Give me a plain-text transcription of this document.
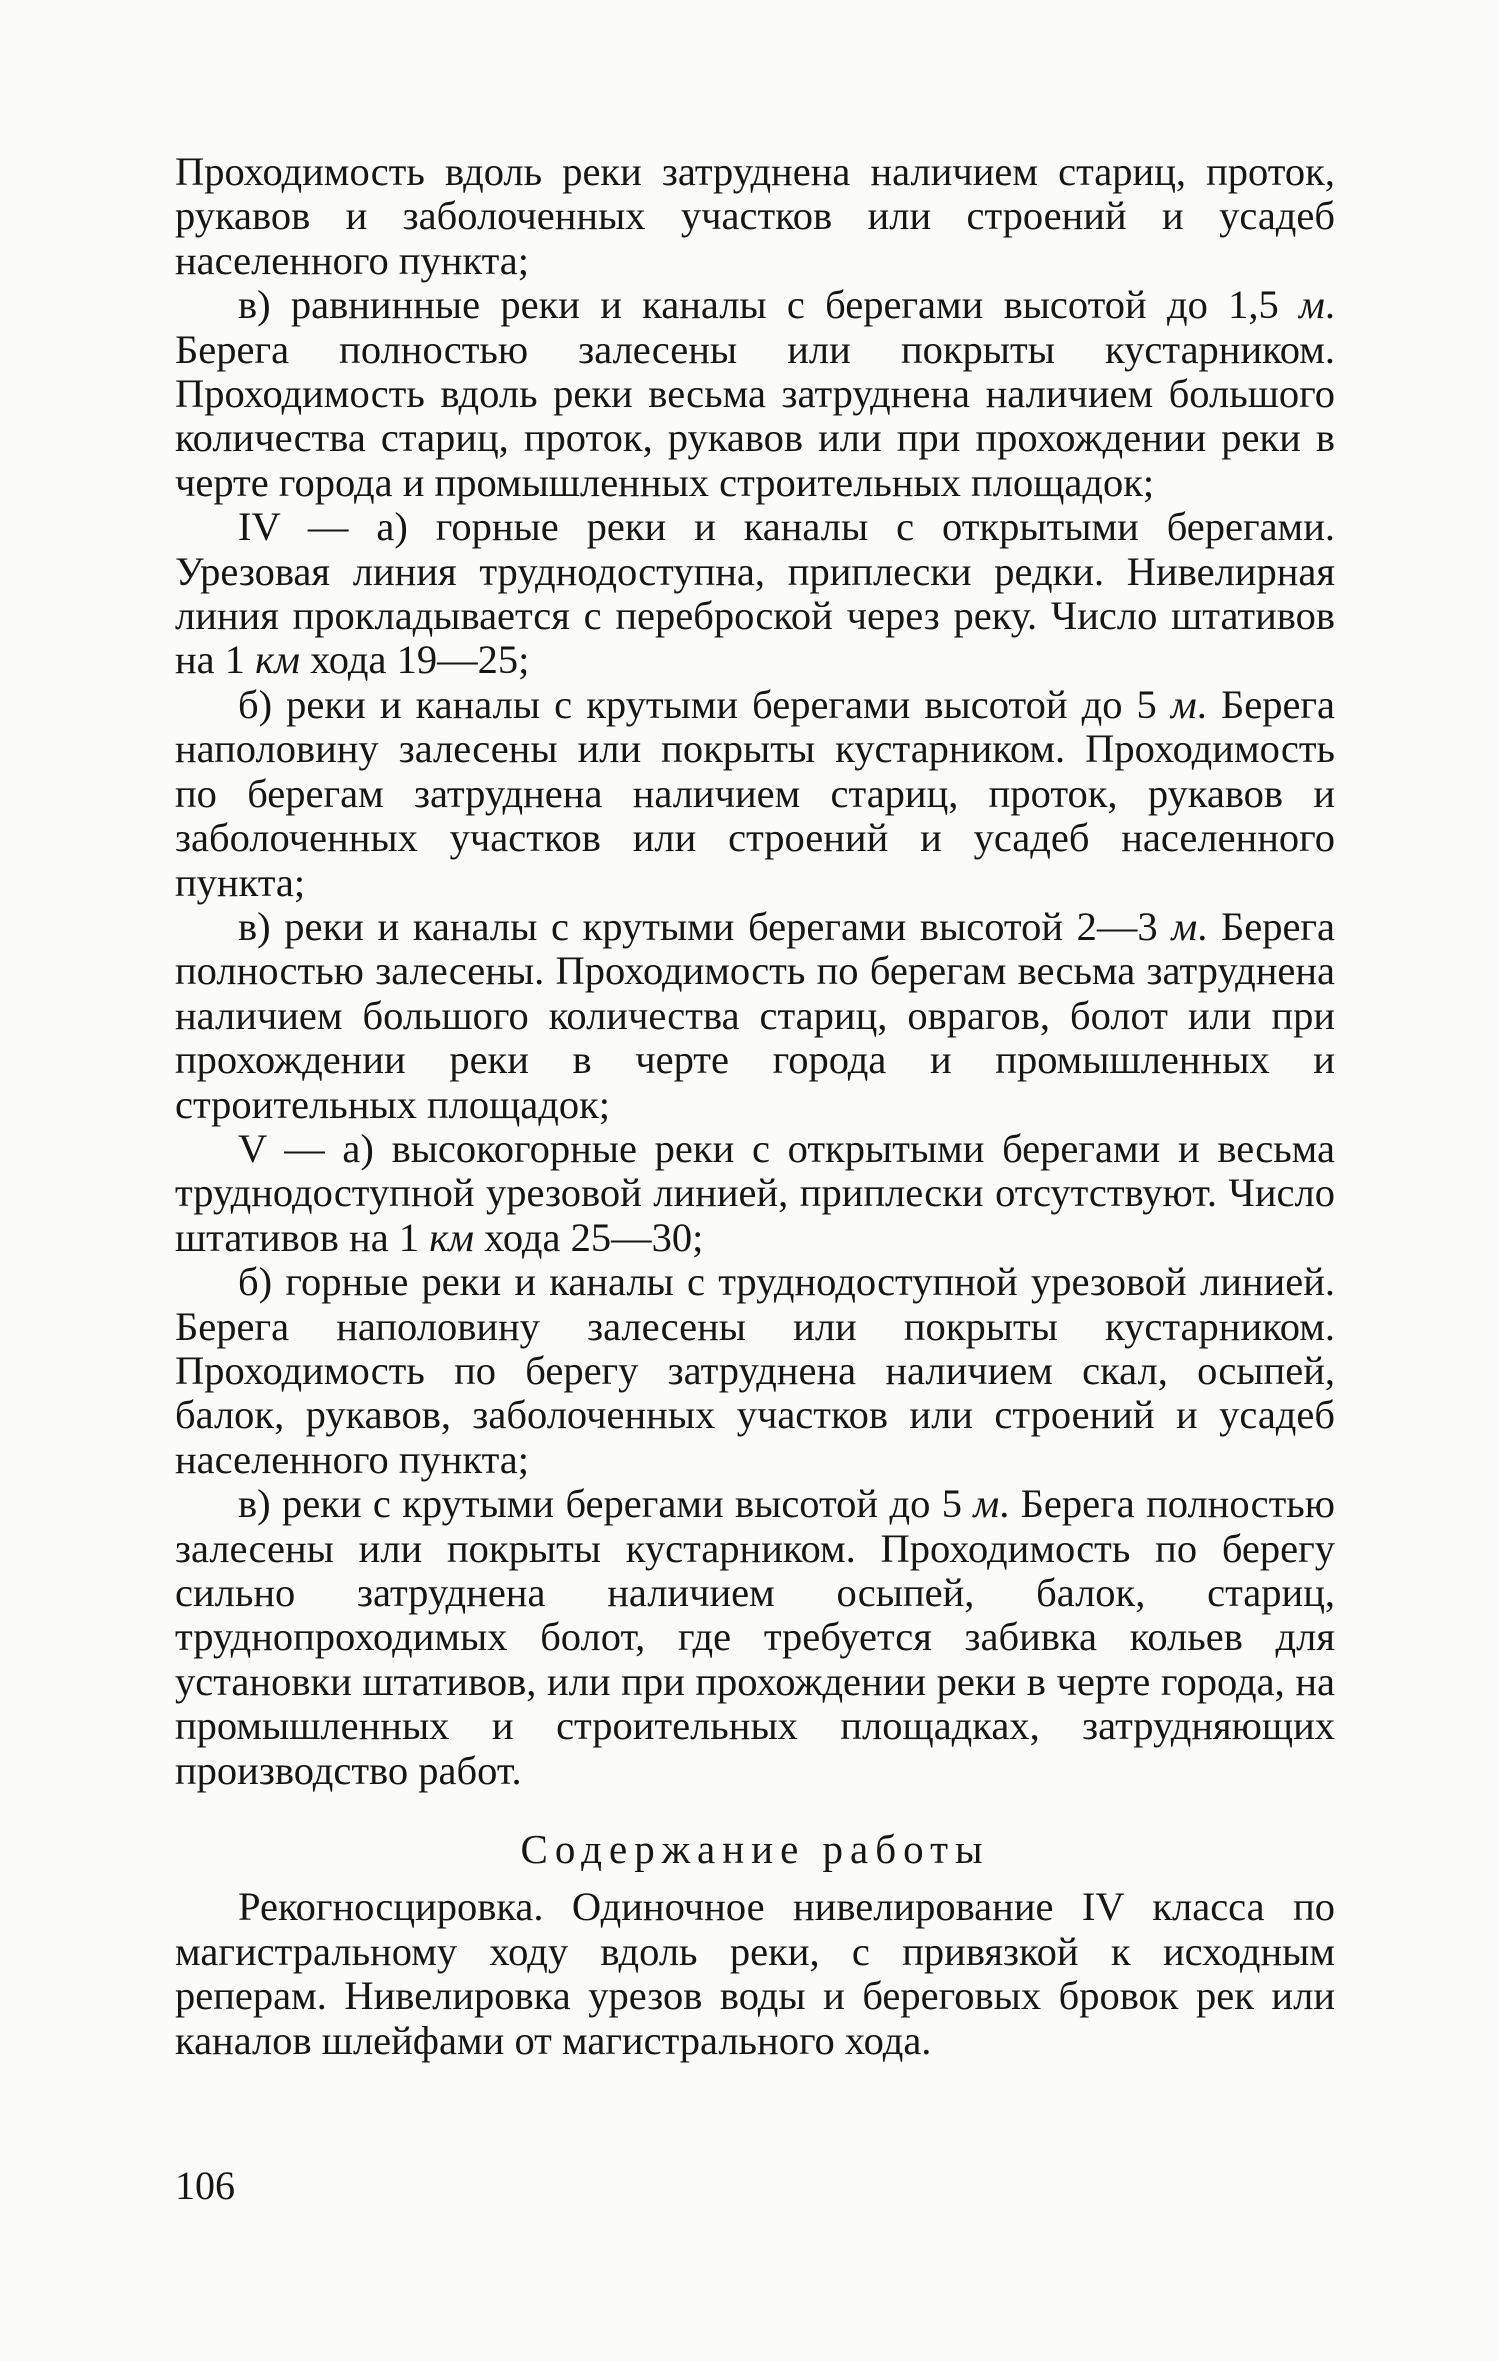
Проходимость вдоль реки затруднена наличием стариц, проток, рукавов и заболоченных участков или строений и усадеб населенного пункта;

в) равнинные реки и каналы с берегами высотой до 1,5 м. Берега полностью залесены или покрыты кустарником. Проходимость вдоль реки весьма затруднена наличием большого количества стариц, проток, рукавов или при прохождении реки в черте города и промышленных строительных площадок;

IV — а) горные реки и каналы с открытыми берегами. Урезовая линия труднодоступна, приплески редки. Нивелирная линия прокладывается с переброской через реку. Число штативов на 1 км хода 19—25;

б) реки и каналы с крутыми берегами высотой до 5 м. Берега наполовину залесены или покрыты кустарником. Проходимость по берегам затруднена наличием стариц, проток, рукавов и заболоченных участков или строений и усадеб населенного пункта;

в) реки и каналы с крутыми берегами высотой 2—3 м. Берега полностью залесены. Проходимость по берегам весьма затруднена наличием большого количества стариц, оврагов, болот или при прохождении реки в черте города и промышленных и строительных площадок;

V — а) высокогорные реки с открытыми берегами и весьма труднодоступной урезовой линией, приплески отсутствуют. Число штативов на 1 км хода 25—30;

б) горные реки и каналы с труднодоступной урезовой линией. Берега наполовину залесены или покрыты кустарником. Проходимость по берегу затруднена наличием скал, осыпей, балок, рукавов, заболоченных участков или строений и усадеб населенного пункта;

в) реки с крутыми берегами высотой до 5 м. Берега полностью залесены или покрыты кустарником. Проходимость по берегу сильно затруднена наличием осыпей, балок, стариц, труднопроходимых болот, где требуется забивка кольев для установки штативов, или при прохождении реки в черте города, на промышленных и строительных площадках, затрудняющих производство работ.

Содержание работы

Рекогносцировка. Одиночное нивелирование IV класса по магистральному ходу вдоль реки, с привязкой к исходным реперам. Нивелировка урезов воды и береговых бровок рек или каналов шлейфами от магистрального хода.

106
